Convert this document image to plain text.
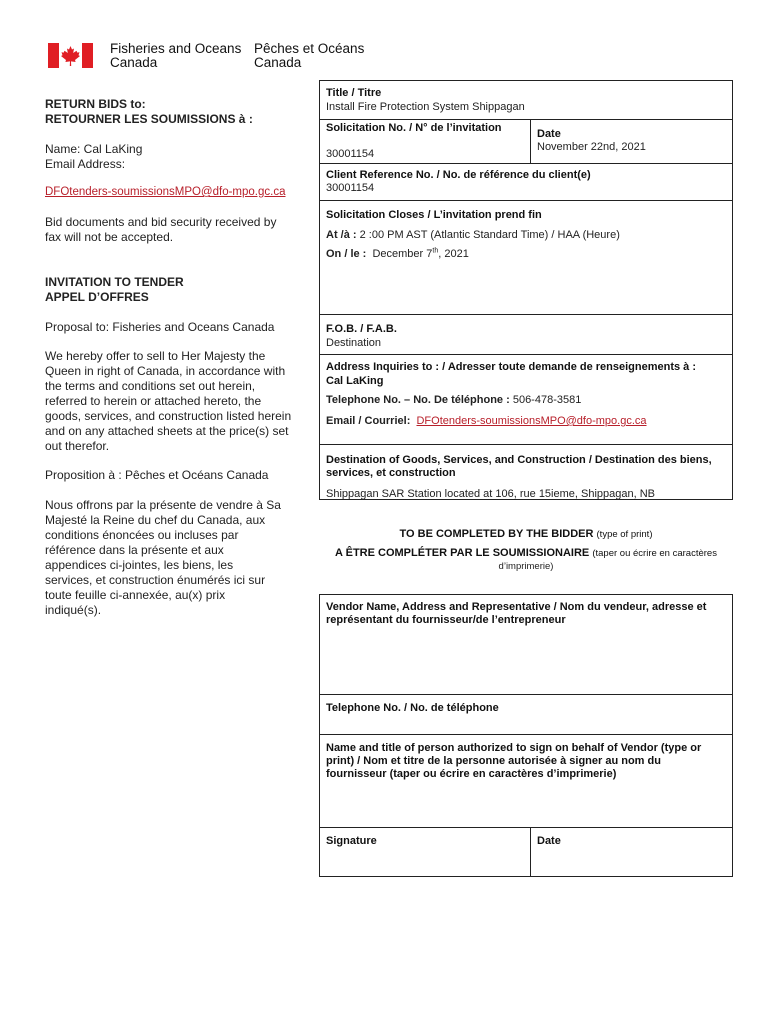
Fisheries and Oceans
Canada
Pêches et Océans
Canada
RETURN BIDS to:
RETOURNER LES SOUMISSIONS à :
Name: Cal LaKing
Email Address:
DFOtenders-soumissionsMPO@dfo-mpo.gc.ca
Bid documents and bid security received by
fax will not be accepted.
INVITATION TO TENDER
APPEL D’OFFRES
Proposal to: Fisheries and Oceans Canada
We hereby offer to sell to Her Majesty the
Queen in right of Canada, in accordance with
the terms and conditions set out herein,
referred to herein or attached hereto, the
goods, services, and construction listed herein
and on any attached sheets at the price(s) set
out therefor.
Proposition à : Pêches et Océans Canada
Nous offrons par la présente de vendre à Sa
Majesté la Reine du chef du Canada, aux
conditions énoncées ou incluses par
référence dans la présente et aux
appendices ci-jointes, les biens, les
services, et construction énumérés ici sur
toute feuille ci-annexée, au(x) prix
indiqué(s).
Title / Titre
Install Fire Protection System Shippagan
Solicitation No. / N° de l’invitation
30001154
Date
November 22nd, 2021
Client Reference No. / No. de référence du client(e)
30001154
Solicitation Closes / L’invitation prend fin
At /à : 2 :00 PM AST (Atlantic Standard Time) / HAA (Heure)
On / le : December 7th, 2021
F.O.B. / F.A.B.
Destination
Address Inquiries to : / Adresser toute demande de renseignements à :
Cal LaKing
Telephone No. – No. De téléphone : 506-478-3581
Email / Courriel: DFOtenders-soumissionsMPO@dfo-mpo.gc.ca
Destination of Goods, Services, and Construction / Destination des biens,
services, et construction
Shippagan SAR Station located at 106, rue 15ieme, Shippagan, NB
TO BE COMPLETED BY THE BIDDER (type of print)
A ÊTRE COMPLÉTER PAR LE SOUMISSIONAIRE (taper ou écrire en caractères
d’imprimerie)
Vendor Name, Address and Representative / Nom du vendeur, adresse et
représentant du fournisseur/de l’entrepreneur
Telephone No. / No. de téléphone
Name and title of person authorized to sign on behalf of Vendor (type or
print) / Nom et titre de la personne autorisée à signer au nom du
fournisseur (taper ou écrire en caractères d’imprimerie)
Signature	Date
